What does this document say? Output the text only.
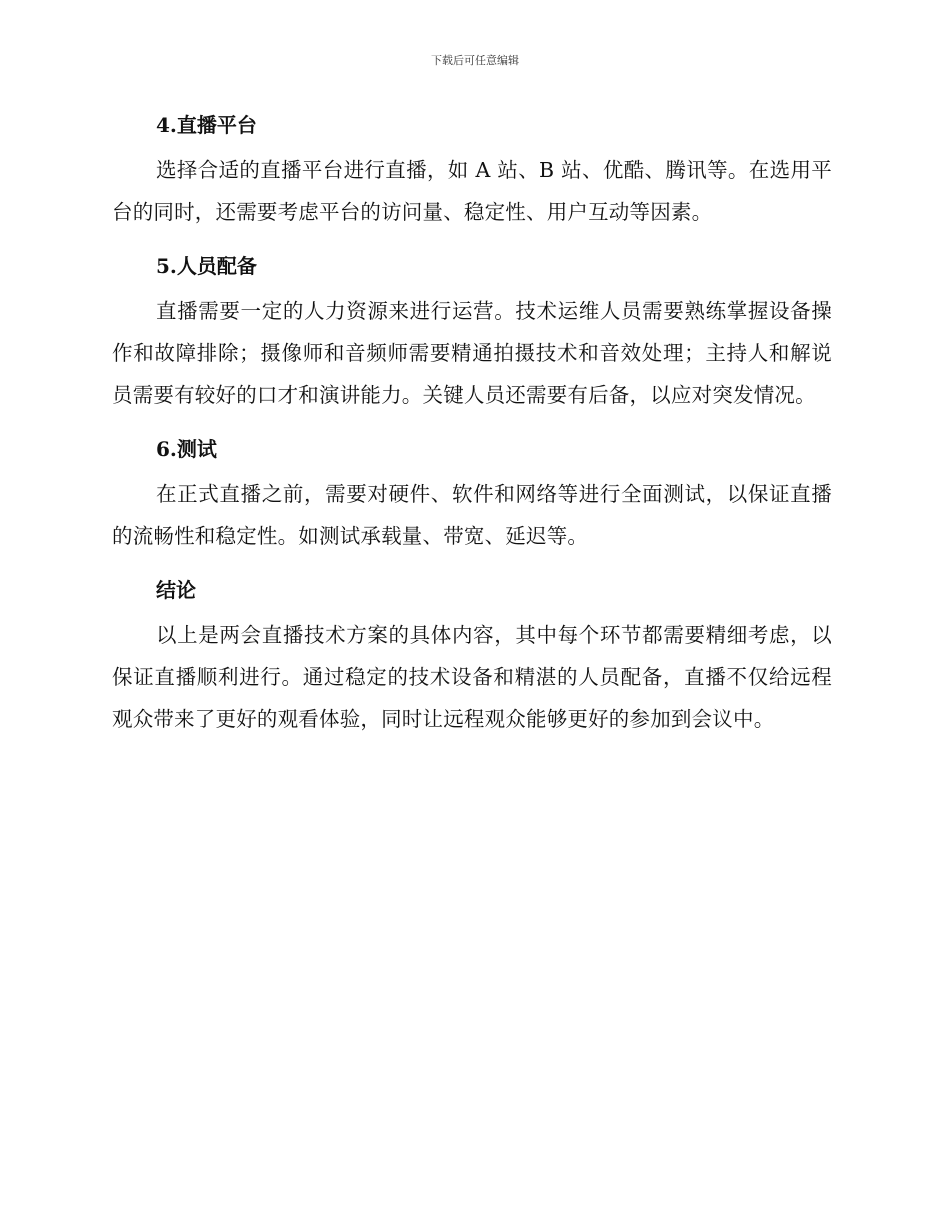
下载后可任意编辑
4.直播平台

选择合适的直播平台进行直播，如 A 站、B 站、优酷、腾讯等。在选用平台的同时，还需要考虑平台的访问量、稳定性、用户互动等因素。

5.人员配备

直播需要一定的人力资源来进行运营。技术运维人员需要熟练掌握设备操作和故障排除；摄像师和音频师需要精通拍摄技术和音效处理；主持人和解说员需要有较好的口才和演讲能力。关键人员还需要有后备，以应对突发情况。

6.测试

在正式直播之前，需要对硬件、软件和网络等进行全面测试，以保证直播的流畅性和稳定性。如测试承载量、带宽、延迟等。

结论

以上是两会直播技术方案的具体内容，其中每个环节都需要精细考虑，以保证直播顺利进行。通过稳定的技术设备和精湛的人员配备，直播不仅给远程观众带来了更好的观看体验，同时让远程观众能够更好的参加到会议中。
